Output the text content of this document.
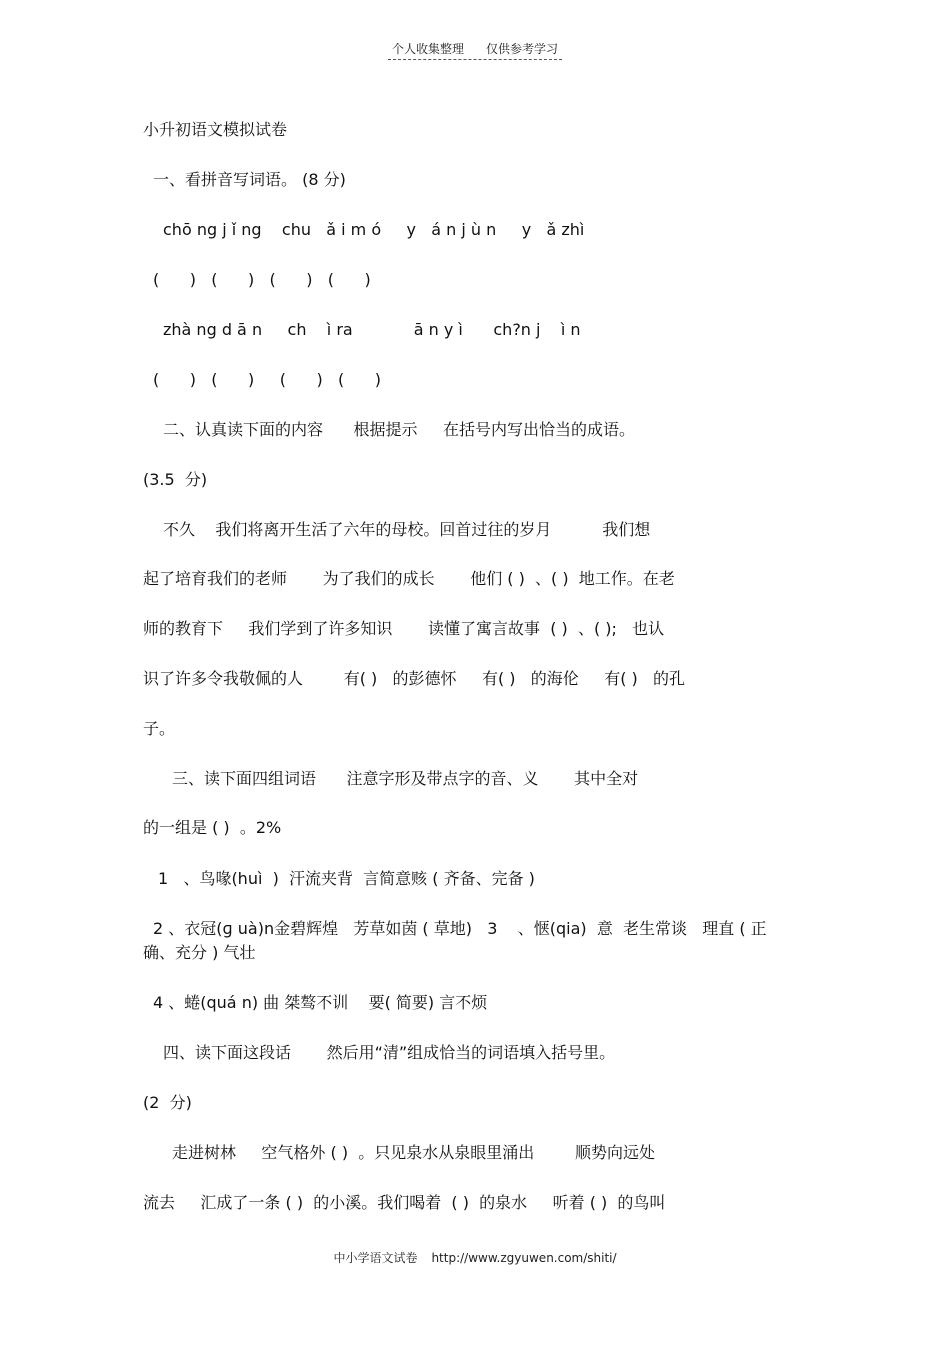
个人收集整理 仅供参考学习
小升初语文模拟试卷
一、看拼音写词语。 (8 分)
chō ng j ǐ ng    chu   ǎ i m ó     y   á n j ù n     y   ǎ zhì
(      )   (      )   (      )   (      )
zhà ng d ā n     ch    ì ra            ā n y ì      ch?n j    ì n
(      )   (      )     (      )   (      )
二、认真读下面的内容      根据提示     在括号内写出恰当的成语。
(3.5  分)
不久    我们将离开生活了六年的母校。回首过往的岁月          我们想
起了培育我们的老师       为了我们的成长       他们 ( )  、( )  地工作。在老
师的教育下     我们学到了许多知识       读懂了寓言故事  ( )  、( );   也认
识了许多令我敬佩的人        有( )   的彭德怀     有( )   的海伦     有( )   的孔
子。
三、读下面四组词语      注意字形及带点字的音、义       其中全对
的一组是 ( )  。2%
1   、鸟喙(huì  )  汗流夹背  言简意赅 ( 齐备、完备 )
2 、衣冠(ɡ uà)n金碧辉煌   芳草如茵 ( 草地)   3    、惬(qia)  意  老生常谈   理直 ( 正
确、充分 ) 气壮
4 、蜷(quá n) 曲 桀骜不训    要( 简要) 言不烦
四、读下面这段话       然后用“清”组成恰当的词语填入括号里。
(2  分)
走进树林     空气格外 ( )  。只见泉水从泉眼里涌出        顺势向远处
流去     汇成了一条 ( )  的小溪。我们喝着  ( )  的泉水     听着 ( )  的鸟叫
中小学语文试卷 http://www.zgyuwen.com/shiti/
